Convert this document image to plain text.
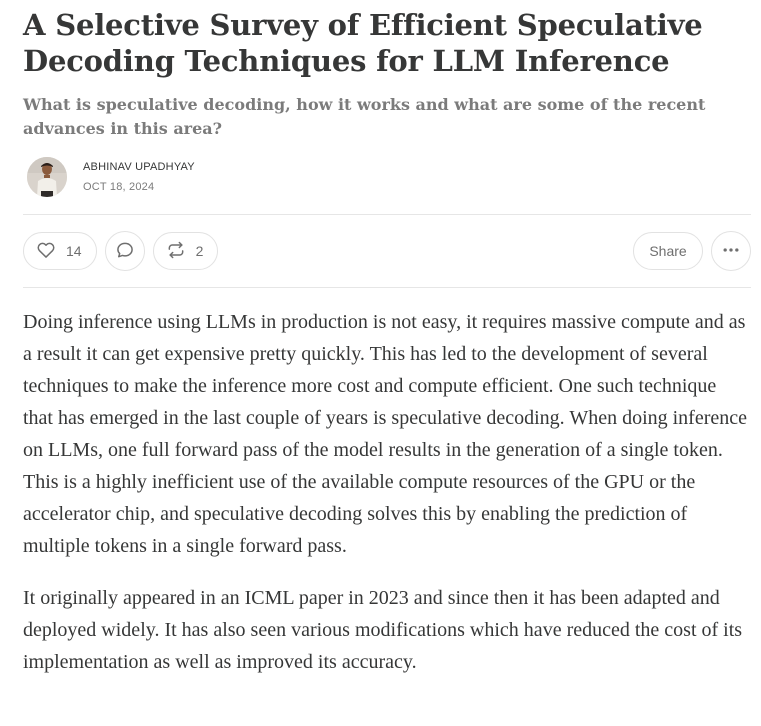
A Selective Survey of Efficient Speculative Decoding Techniques for LLM Inference
What is speculative decoding, how it works and what are some of the recent advances in this area?
ABHINAV UPADHYAY
OCT 18, 2024
14	2	Share

Doing inference using LLMs in production is not easy, it requires massive compute and as a result it can get expensive pretty quickly. This has led to the development of several techniques to make the inference more cost and compute efficient. One such technique that has emerged in the last couple of years is speculative decoding. When doing inference on LLMs, one full forward pass of the model results in the generation of a single token. This is a highly inefficient use of the available compute resources of the GPU or the accelerator chip, and speculative decoding solves this by enabling the prediction of multiple tokens in a single forward pass.

It originally appeared in an ICML paper in 2023 and since then it has been adapted and deployed widely. It has also seen various modifications which have reduced the cost of its implementation as well as improved its accuracy.
